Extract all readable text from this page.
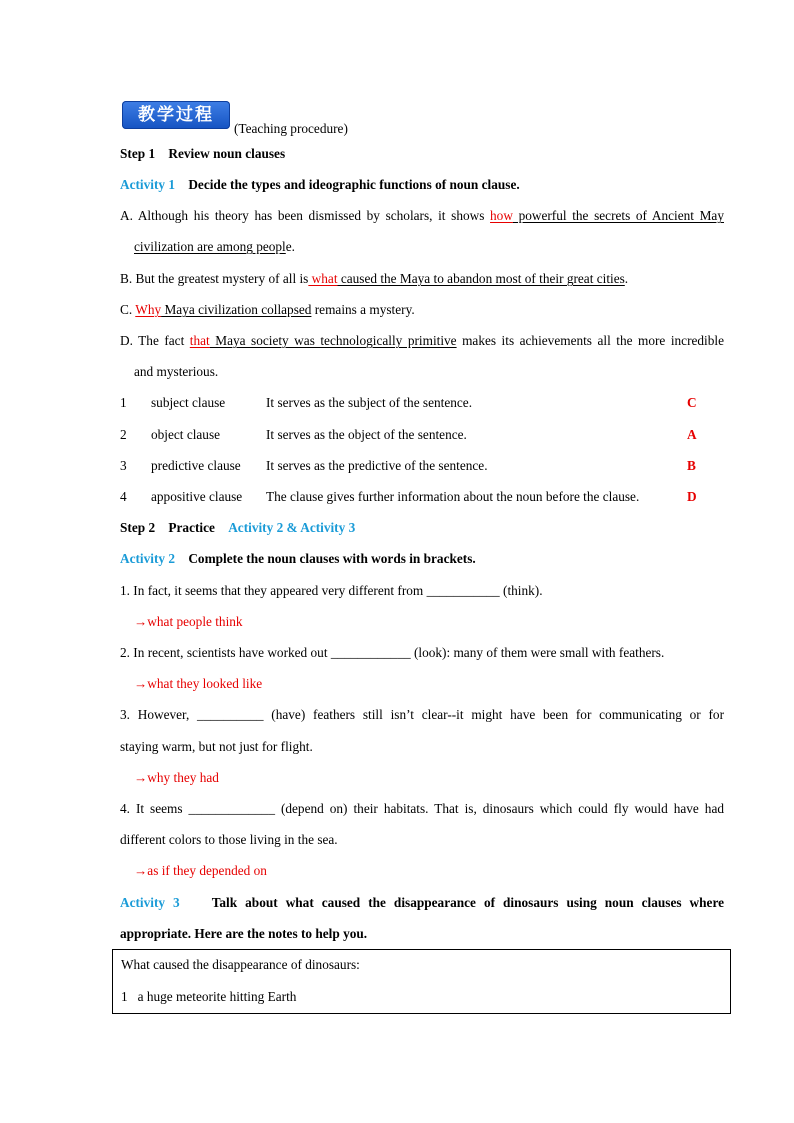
教学过程
(Teaching procedure)
Step 1 Review noun clauses
Activity 1 Decide the types and ideographic functions of noun clause.
A. Although his theory has been dismissed by scholars, it shows how powerful the secrets of Ancient May
civilization are among people.
B. But the greatest mystery of all is what caused the Maya to abandon most of their great cities.
C. Why Maya civilization collapsed remains a mystery.
D. The fact that Maya society was technologically primitive makes its achievements all the more incredible
and mysterious.
1 subject clause	It serves as the subject of the sentence.	C
2 object clause	It serves as the object of the sentence.	A
3 predictive clause It serves as the predictive of the sentence.	B
4 appositive clause The clause gives further information about the noun before the clause.	D
Step 2 Practice Activity 2 & Activity 3
Activity 2 Complete the noun clauses with words in brackets.
1. In fact, it seems that they appeared very different from ___________ (think).
→what people think
2. In recent, scientists have worked out ____________ (look): many of them were small with feathers.
→what they looked like
3. However, __________ (have) feathers still isn’t clear--it might have been for communicating or for
staying warm, but not just for flight.
→why they had
4. It seems _____________ (depend on) their habitats. That is, dinosaurs which could fly would have had
different colors to those living in the sea.
→as if they depended on
Activity 3 Talk about what caused the disappearance of dinosaurs using noun clauses where
appropriate. Here are the notes to help you.
What caused the disappearance of dinosaurs:
1 a huge meteorite hitting Earth
